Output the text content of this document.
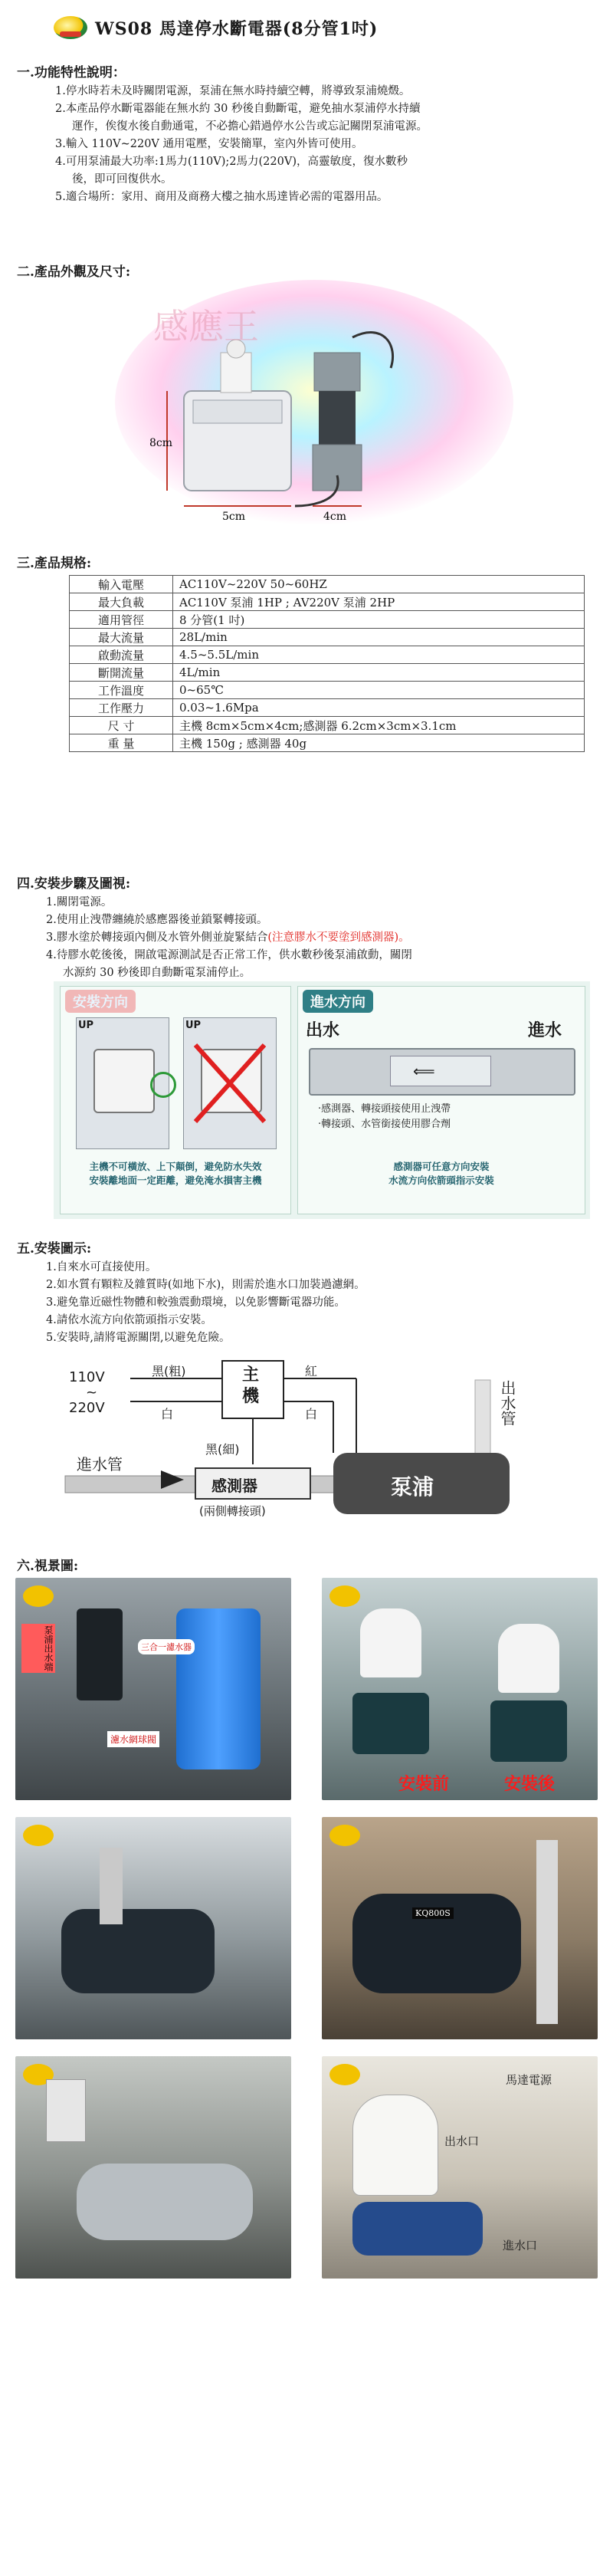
WS08 馬達停水斷電器(8分管1吋)
一.功能特性說明：
1.停水時若未及時關閉電源，泵浦在無水時持續空轉，將導致泵浦燒燬。
2.本產品停水斷電器能在無水約 30 秒後自動斷電，避免抽水泵浦停水持續
運作，俟復水後自動通電，不必擔心錯過停水公告或忘記關閉泵浦電源。
3.輸入 110V~220V 通用電壓，安裝簡單，室內外皆可使用。
4.可用泵浦最大功率:1馬力(110V);2馬力(220V)，高靈敏度，復水數秒
後，即可回復供水。
5.適合場所：家用、商用及商務大樓之抽水馬達皆必需的電器用品。
二.產品外觀及尺寸:
感應王
8cm
5cm	4cm
三.產品規格:
輸入電壓	AC110V~220V 50~60HZ
最大負載	AC110V 泵浦 1HP ; AV220V 泵浦 2HP
適用管徑	8 分管(1 吋)
最大流量	28L/min
啟動流量	4.5~5.5L/min
斷開流量	4L/min
工作溫度	0~65℃
工作壓力	0.03~1.6Mpa
尺 寸	主機 8cm×5cm×4cm;感測器 6.2cm×3cm×3.1cm
重 量	主機 150g ; 感測器 40g
四.安裝步驟及圖視:
1.關閉電源。
2.使用止洩帶纏繞於感應器後並鎖緊轉接頭。
3.膠水塗於轉接頭內側及水管外側並旋緊結合(注意膠水不要塗到感測器)。
4.待膠水乾後後，開啟電源測試是否正常工作，供水數秒後泵浦啟動，關閉
水源約 30 秒後即自動斷電泵浦停止。
安裝方向
UP	UP
主機不可橫放、上下顛倒，避免防水失效
安裝離地面一定距離，避免淹水損害主機
進水方向
出水	進水
⟸
‧感測器、轉接頭接使用止洩帶
‧轉接頭、水管銜接使用膠合劑
感測器可任意方向安裝
水流方向依箭頭指示安裝
五.安裝圖示:
1.自來水可直接使用。
2.如水質有顆粒及雜質時(如地下水)，則需於進水口加裝過濾網。
3.避免靠近磁性物體和較強震動環境，以免影響斷電器功能。
4.請依水流方向依箭頭指示安裝。
5.安裝時,請將電源關閉,以避免危險。
110V
~
220V
黑(粗)
白
主
機
紅
白
黑(細)
出水管
進水管
泵浦
感測器
(兩側轉接頭)
六.視景圖:
泵浦出水端	三合一濾水器
濾水網球閥
安裝前	安裝後
KQ800S
馬達電源
出水口
進水口
